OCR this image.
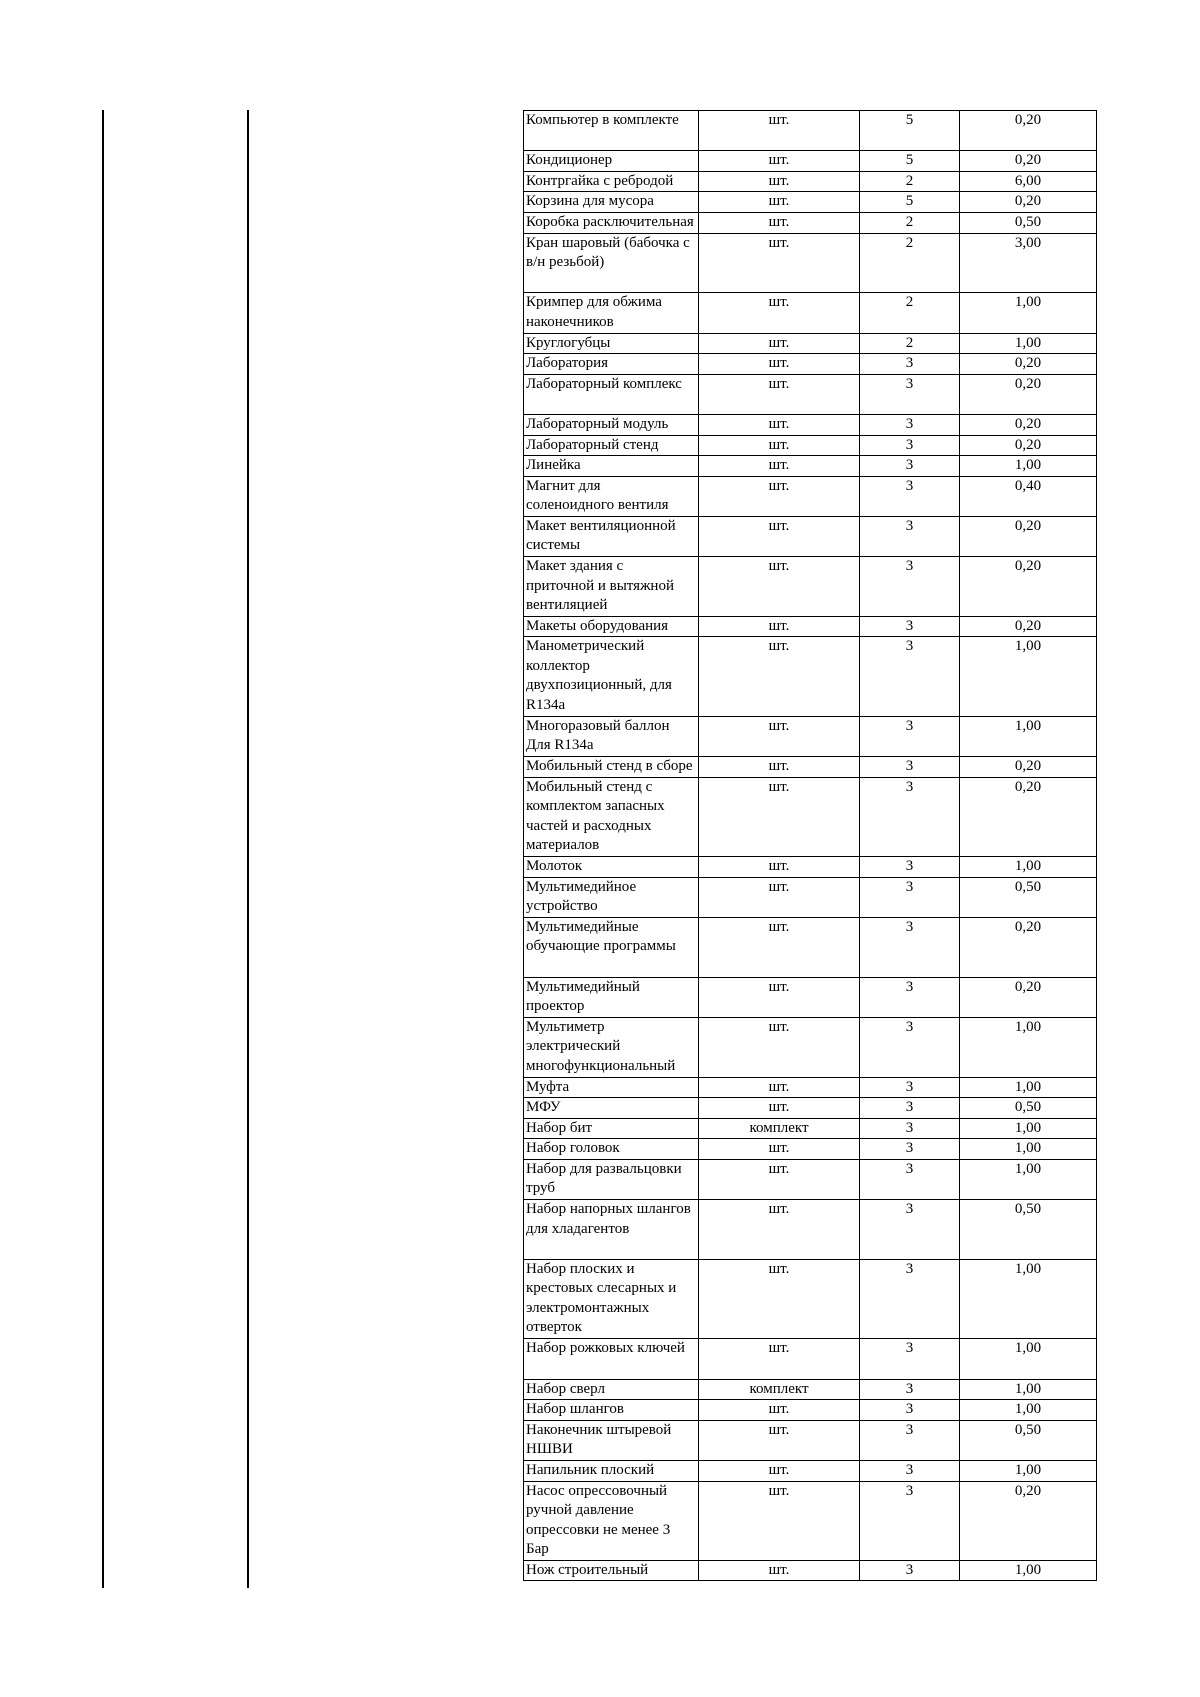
Компьютер в комплекте	шт.	5	0,20
Кондиционер	шт.	5	0,20
Контргайка с ребродой	шт.	2	6,00
Корзина для мусора	шт.	5	0,20
Коробка расключительная	шт.	2	0,50
Кран шаровый (бабочка с
в/н резьбой)	шт.	2	3,00
Кримпер для обжима
наконечников	шт.	2	1,00
Круглогубцы	шт.	2	1,00
Лаборатория	шт.	3	0,20
Лабораторный комплекс	шт.	3	0,20
Лабораторный модуль	шт.	3	0,20
Лабораторный стенд	шт.	3	0,20
Линейка	шт.	3	1,00
Магнит для
соленоидного вентиля	шт.	3	0,40
Макет вентиляционной
системы	шт.	3	0,20
Макет здания с
приточной и вытяжной
вентиляцией	шт.	3	0,20
Макеты оборудования	шт.	3	0,20
Манометрический
коллектор
двухпозиционный, для
R134a	шт.	3	1,00
Многоразовый баллон
Для R134a	шт.	3	1,00
Мобильный стенд в сборе	шт.	3	0,20
Мобильный стенд с
комплектом запасных
частей и расходных
материалов	шт.	3	0,20
Молоток	шт.	3	1,00
Мультимедийное
устройство	шт.	3	0,50
Мультимедийные
обучающие программы	шт.	3	0,20
Мультимедийный
проектор	шт.	3	0,20
Мультиметр
электрический
многофункциональный	шт.	3	1,00
Муфта	шт.	3	1,00
МФУ	шт.	3	0,50
Набор бит	комплект	3	1,00
Набор головок	шт.	3	1,00
Набор для развальцовки
труб	шт.	3	1,00
Набор напорных шлангов
для хладагентов	шт.	3	0,50
Набор плоских и
крестовых слесарных и
электромонтажных
отверток	шт.	3	1,00
Набор рожковых ключей	шт.	3	1,00
Набор сверл	комплект	3	1,00
Набор шлангов	шт.	3	1,00
Наконечник штыревой
НШВИ	шт.	3	0,50
Напильник плоский	шт.	3	1,00
Насос опрессовочный
ручной давление
опрессовки не менее 3
Бар	шт.	3	0,20
Нож строительный	шт.	3	1,00
